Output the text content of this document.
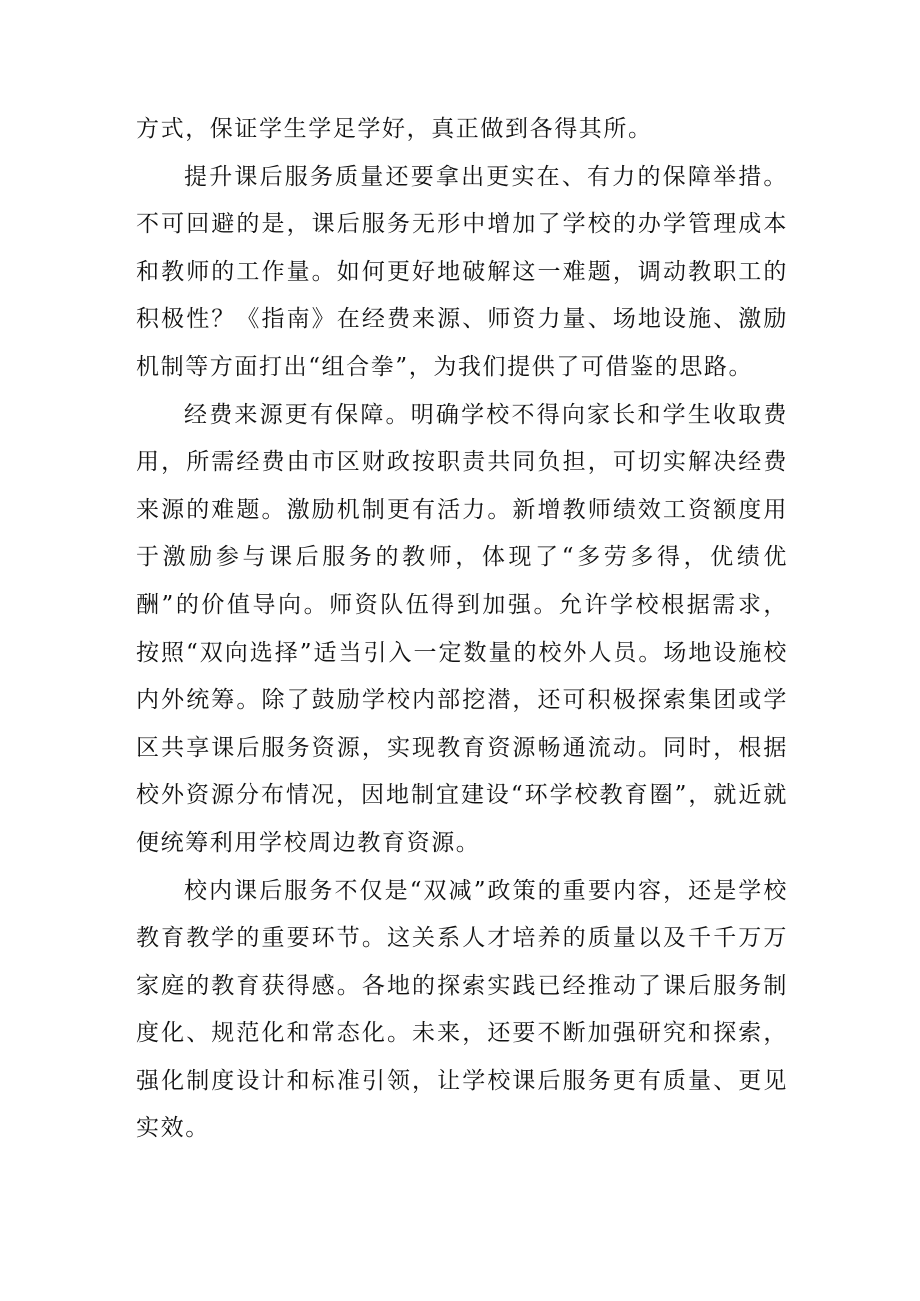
方式，保证学生学足学好，真正做到各得其所。

提升课后服务质量还要拿出更实在、有力的保障举措。不可回避的是，课后服务无形中增加了学校的办学管理成本和教师的工作量。如何更好地破解这一难题，调动教职工的积极性？《指南》在经费来源、师资力量、场地设施、激励机制等方面打出“组合拳”，为我们提供了可借鉴的思路。

经费来源更有保障。明确学校不得向家长和学生收取费用，所需经费由市区财政按职责共同负担，可切实解决经费来源的难题。激励机制更有活力。新增教师绩效工资额度用于激励参与课后服务的教师，体现了“多劳多得，优绩优酬”的价值导向。师资队伍得到加强。允许学校根据需求，按照“双向选择”适当引入一定数量的校外人员。场地设施校内外统筹。除了鼓励学校内部挖潜，还可积极探索集团或学区共享课后服务资源，实现教育资源畅通流动。同时，根据校外资源分布情况，因地制宜建设“环学校教育圈”，就近就便统筹利用学校周边教育资源。

校内课后服务不仅是“双减”政策的重要内容，还是学校教育教学的重要环节。这关系人才培养的质量以及千千万万家庭的教育获得感。各地的探索实践已经推动了课后服务制度化、规范化和常态化。未来，还要不断加强研究和探索，强化制度设计和标准引领，让学校课后服务更有质量、更见实效。
